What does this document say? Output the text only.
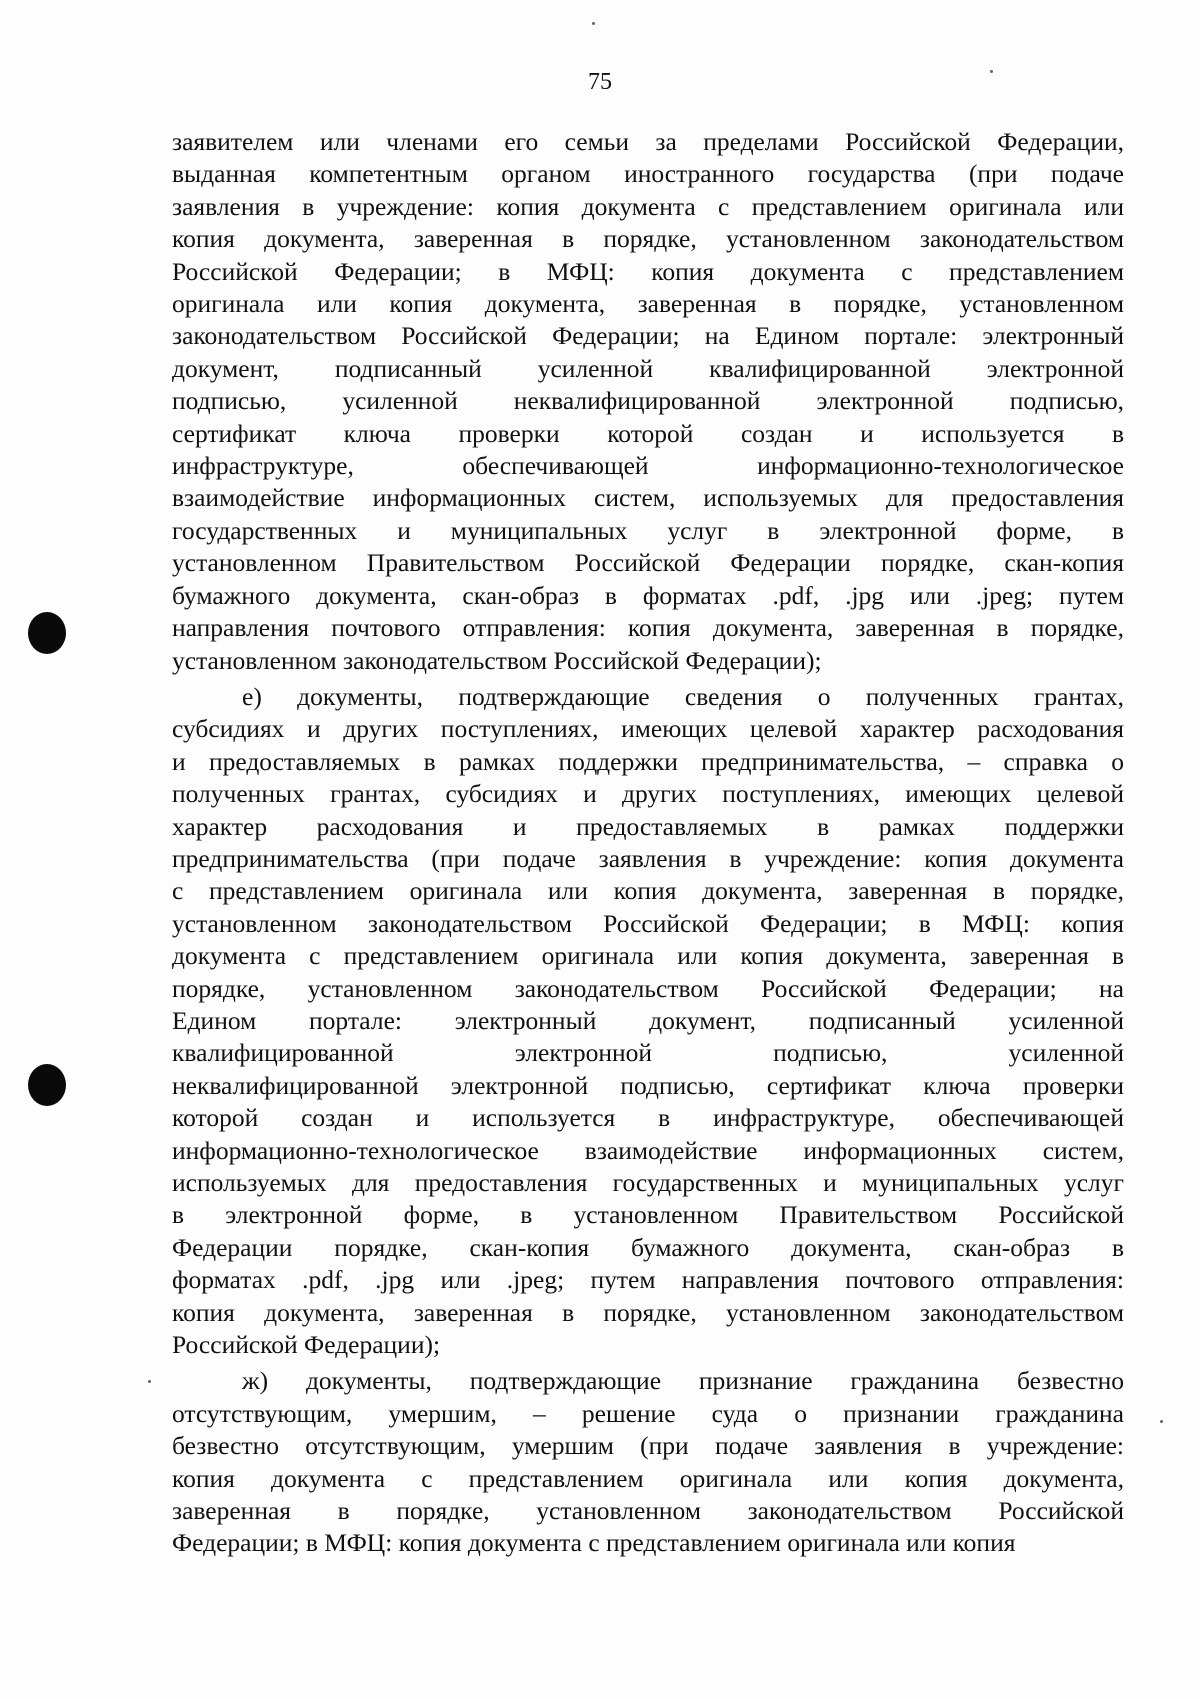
75
заявителем или членами его семьи за пределами Российской Федерации,
выданная компетентным органом иностранного государства (при подаче
заявления в учреждение: копия документа с представлением оригинала или
копия документа, заверенная в порядке, установленном законодательством
Российской Федерации; в МФЦ: копия документа с представлением
оригинала или копия документа, заверенная в порядке, установленном
законодательством Российской Федерации; на Едином портале: электронный
документ, подписанный усиленной квалифицированной электронной
подписью, усиленной неквалифицированной электронной подписью,
сертификат ключа проверки которой создан и используется в
инфраструктуре, обеспечивающей информационно-технологическое
взаимодействие информационных систем, используемых для предоставления
государственных и муниципальных услуг в электронной форме, в
установленном Правительством Российской Федерации порядке, скан-копия
бумажного документа, скан-образ в форматах .pdf, .jpg или .jpeg; путем
направления почтового отправления: копия документа, заверенная в порядке,
установленном законодательством Российской Федерации);
е) документы, подтверждающие сведения о полученных грантах,
субсидиях и других поступлениях, имеющих целевой характер расходования
и предоставляемых в рамках поддержки предпринимательства, – справка о
полученных грантах, субсидиях и других поступлениях, имеющих целевой
характер расходования и предоставляемых в рамках поддержки
предпринимательства (при подаче заявления в учреждение: копия документа
с представлением оригинала или копия документа, заверенная в порядке,
установленном законодательством Российской Федерации; в МФЦ: копия
документа с представлением оригинала или копия документа, заверенная в
порядке, установленном законодательством Российской Федерации; на
Едином портале: электронный документ, подписанный усиленной
квалифицированной электронной подписью, усиленной
неквалифицированной электронной подписью, сертификат ключа проверки
которой создан и используется в инфраструктуре, обеспечивающей
информационно-технологическое взаимодействие информационных систем,
используемых для предоставления государственных и муниципальных услуг
в электронной форме, в установленном Правительством Российской
Федерации порядке, скан-копия бумажного документа, скан-образ в
форматах .pdf, .jpg или .jpeg; путем направления почтового отправления:
копия документа, заверенная в порядке, установленном законодательством
Российской Федерации);
ж) документы, подтверждающие признание гражданина безвестно
отсутствующим, умершим, – решение суда о признании гражданина
безвестно отсутствующим, умершим (при подаче заявления в учреждение:
копия документа с представлением оригинала или копия документа,
заверенная в порядке, установленном законодательством Российской
Федерации; в МФЦ: копия документа с представлением оригинала или копия
